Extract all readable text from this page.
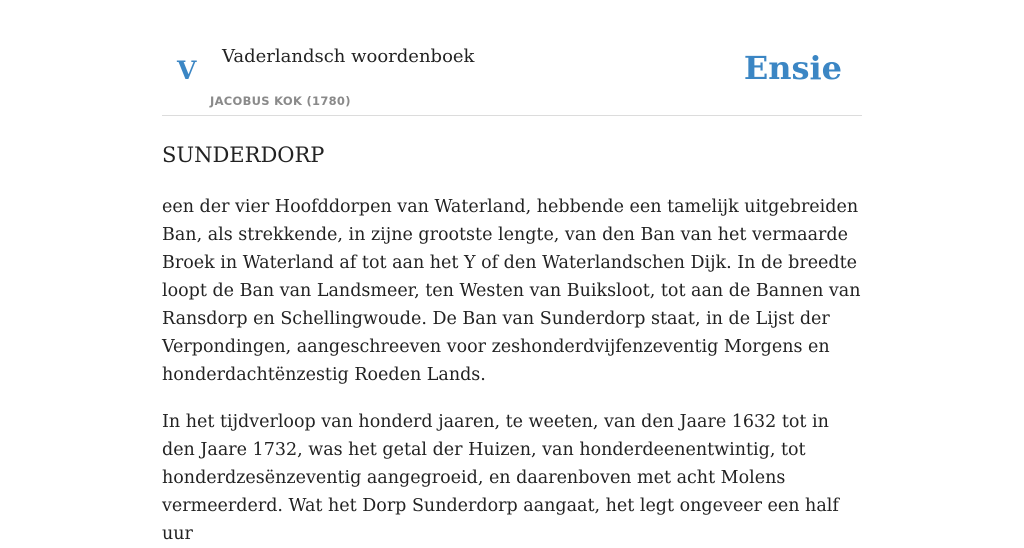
V Vaderlandsch woordenboek
JACOBUS KOK (1780)
Ensie
SUNDERDORP

een der vier Hoofddorpen van Waterland, hebbende een tamelijk uitgebreiden Ban, als strekkende, in zijne grootste lengte, van den Ban van het vermaarde Broek in Waterland af tot aan het Y of den Waterlandschen Dijk. In de breedte loopt de Ban van Landsmeer, ten Westen van Buiksloot, tot aan de Bannen van Ransdorp en Schellingwoude. De Ban van Sunderdorp staat, in de Lijst der Verpondingen, aangeschreeven voor zeshonderdvijfenzeventig Morgens en honderdachtënzestig Roeden Lands.

In het tijdverloop van honderd jaaren, te weeten, van den Jaare 1632 tot in den Jaare 1732, was het getal der Huizen, van honderdeenentwintig, tot honderdzesënzeventig aangegroeid, en daarenboven met acht Molens vermeerderd. Wat het Dorp Sunderdorp aangaat, het legt ongeveer een half uur
